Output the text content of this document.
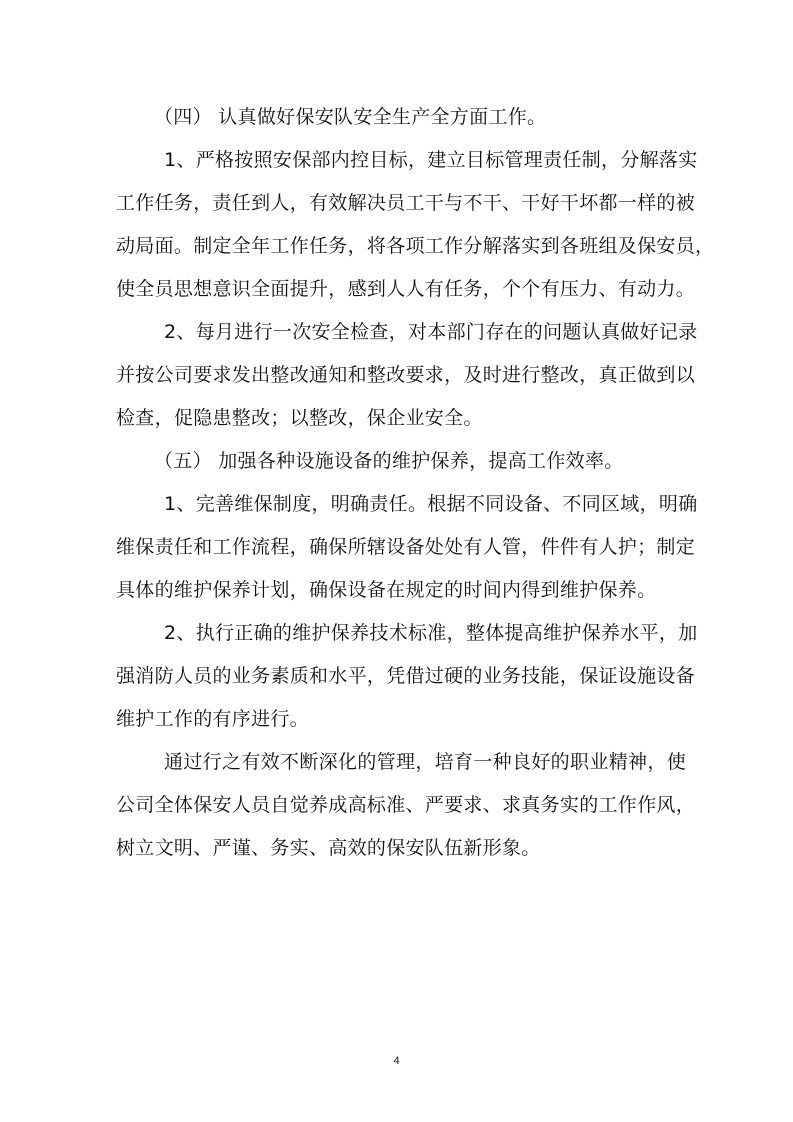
（四） 认真做好保安队安全生产全方面工作。
1、严格按照安保部内控目标，建立目标管理责任制，分解落实
工作任务，责任到人，有效解决员工干与不干、干好干坏都一样的被
动局面。制定全年工作任务，将各项工作分解落实到各班组及保安员，
使全员思想意识全面提升，感到人人有任务，个个有压力、有动力。
2、每月进行一次安全检查，对本部门存在的问题认真做好记录
并按公司要求发出整改通知和整改要求，及时进行整改，真正做到以
检查，促隐患整改；以整改，保企业安全。
（五） 加强各种设施设备的维护保养，提高工作效率。
1、完善维保制度，明确责任。根据不同设备、不同区域，明确
维保责任和工作流程，确保所辖设备处处有人管，件件有人护；制定
具体的维护保养计划，确保设备在规定的时间内得到维护保养。
2、执行正确的维护保养技术标准，整体提高维护保养水平，加
强消防人员的业务素质和水平，凭借过硬的业务技能，保证设施设备
维护工作的有序进行。
通过行之有效不断深化的管理，培育一种良好的职业精神，使
公司全体保安人员自觉养成高标准、严要求、求真务实的工作作风，
树立文明、严谨、务实、高效的保安队伍新形象。
4
